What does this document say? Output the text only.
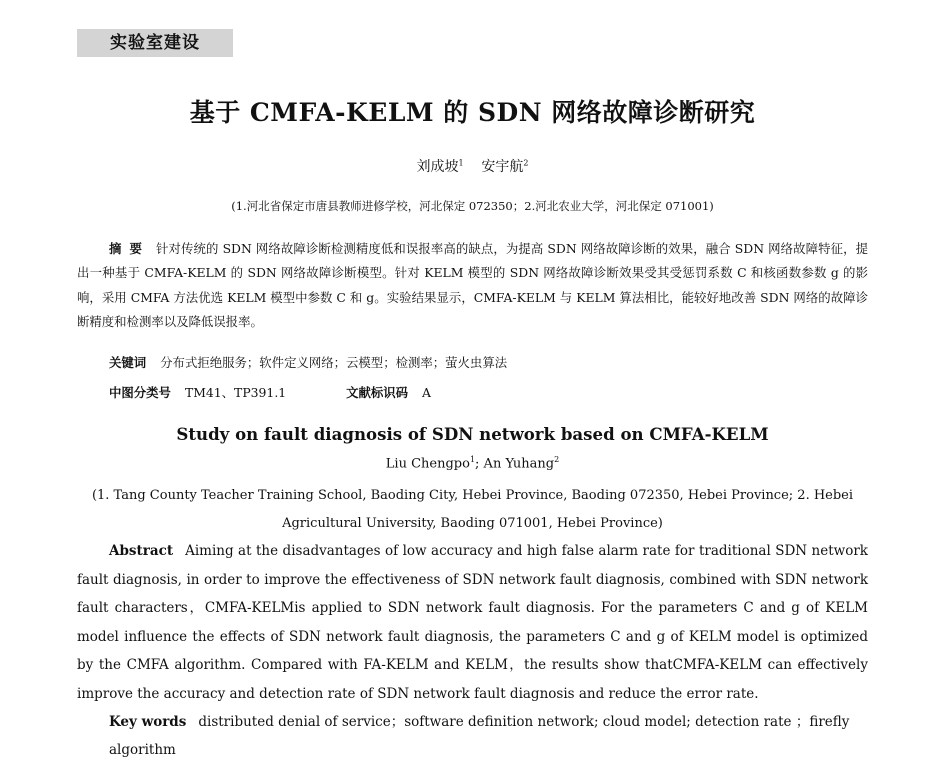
实验室建设
基于 CMFA-KELM 的 SDN 网络故障诊断研究
刘成坡$^1$ 安宇航$^2$
(1.河北省保定市唐县教师进修学校，河北保定 072350；2.河北农业大学，河北保定 071001)
摘要 针对传统的 SDN 网络故障诊断检测精度低和误报率高的缺点，为提高 SDN 网络故障诊断的效果，融合 SDN 网络故障特征，提出一种基于 CMFA-KELM 的 SDN 网络故障诊断模型。针对 KELM 模型的 SDN 网络故障诊断效果受其受惩罚系数 C 和核函数参数 g 的影响，采用 CMFA 方法优选 KELM 模型中参数 C 和 g。实验结果显示，CMFA-KELM 与 KELM 算法相比，能较好地改善 SDN 网络的故障诊断精度和检测率以及降低误报率。
关键词 分布式拒绝服务；软件定义网络；云模型；检测率；萤火虫算法
中图分类号 TM41、TP391.1	文献标识码 A
Study on fault diagnosis of SDN network based on CMFA-KELM
Liu Chengpo$^1$; An Yuhang$^2$
(1. Tang County Teacher Training School, Baoding City, Hebei Province, Baoding 072350, Hebei Province; 2. Hebei Agricultural University, Baoding 071001, Hebei Province)
Abstract Aiming at the disadvantages of low accuracy and high false alarm rate for traditional SDN network fault diagnosis, in order to improve the effectiveness of SDN network fault diagnosis, combined with SDN network fault characters，CMFA-KELMis applied to SDN network fault diagnosis. For the parameters C and g of KELM model influence the effects of SDN network fault diagnosis, the parameters C and g of KELM model is optimized by the CMFA algorithm. Compared with FA-KELM and KELM，the results show thatCMFA-KELM can effectively improve the accuracy and detection rate of SDN network fault diagnosis and reduce the error rate.
Key words distributed denial of service；software definition network; cloud model; detection rate ；firefly algorithm
